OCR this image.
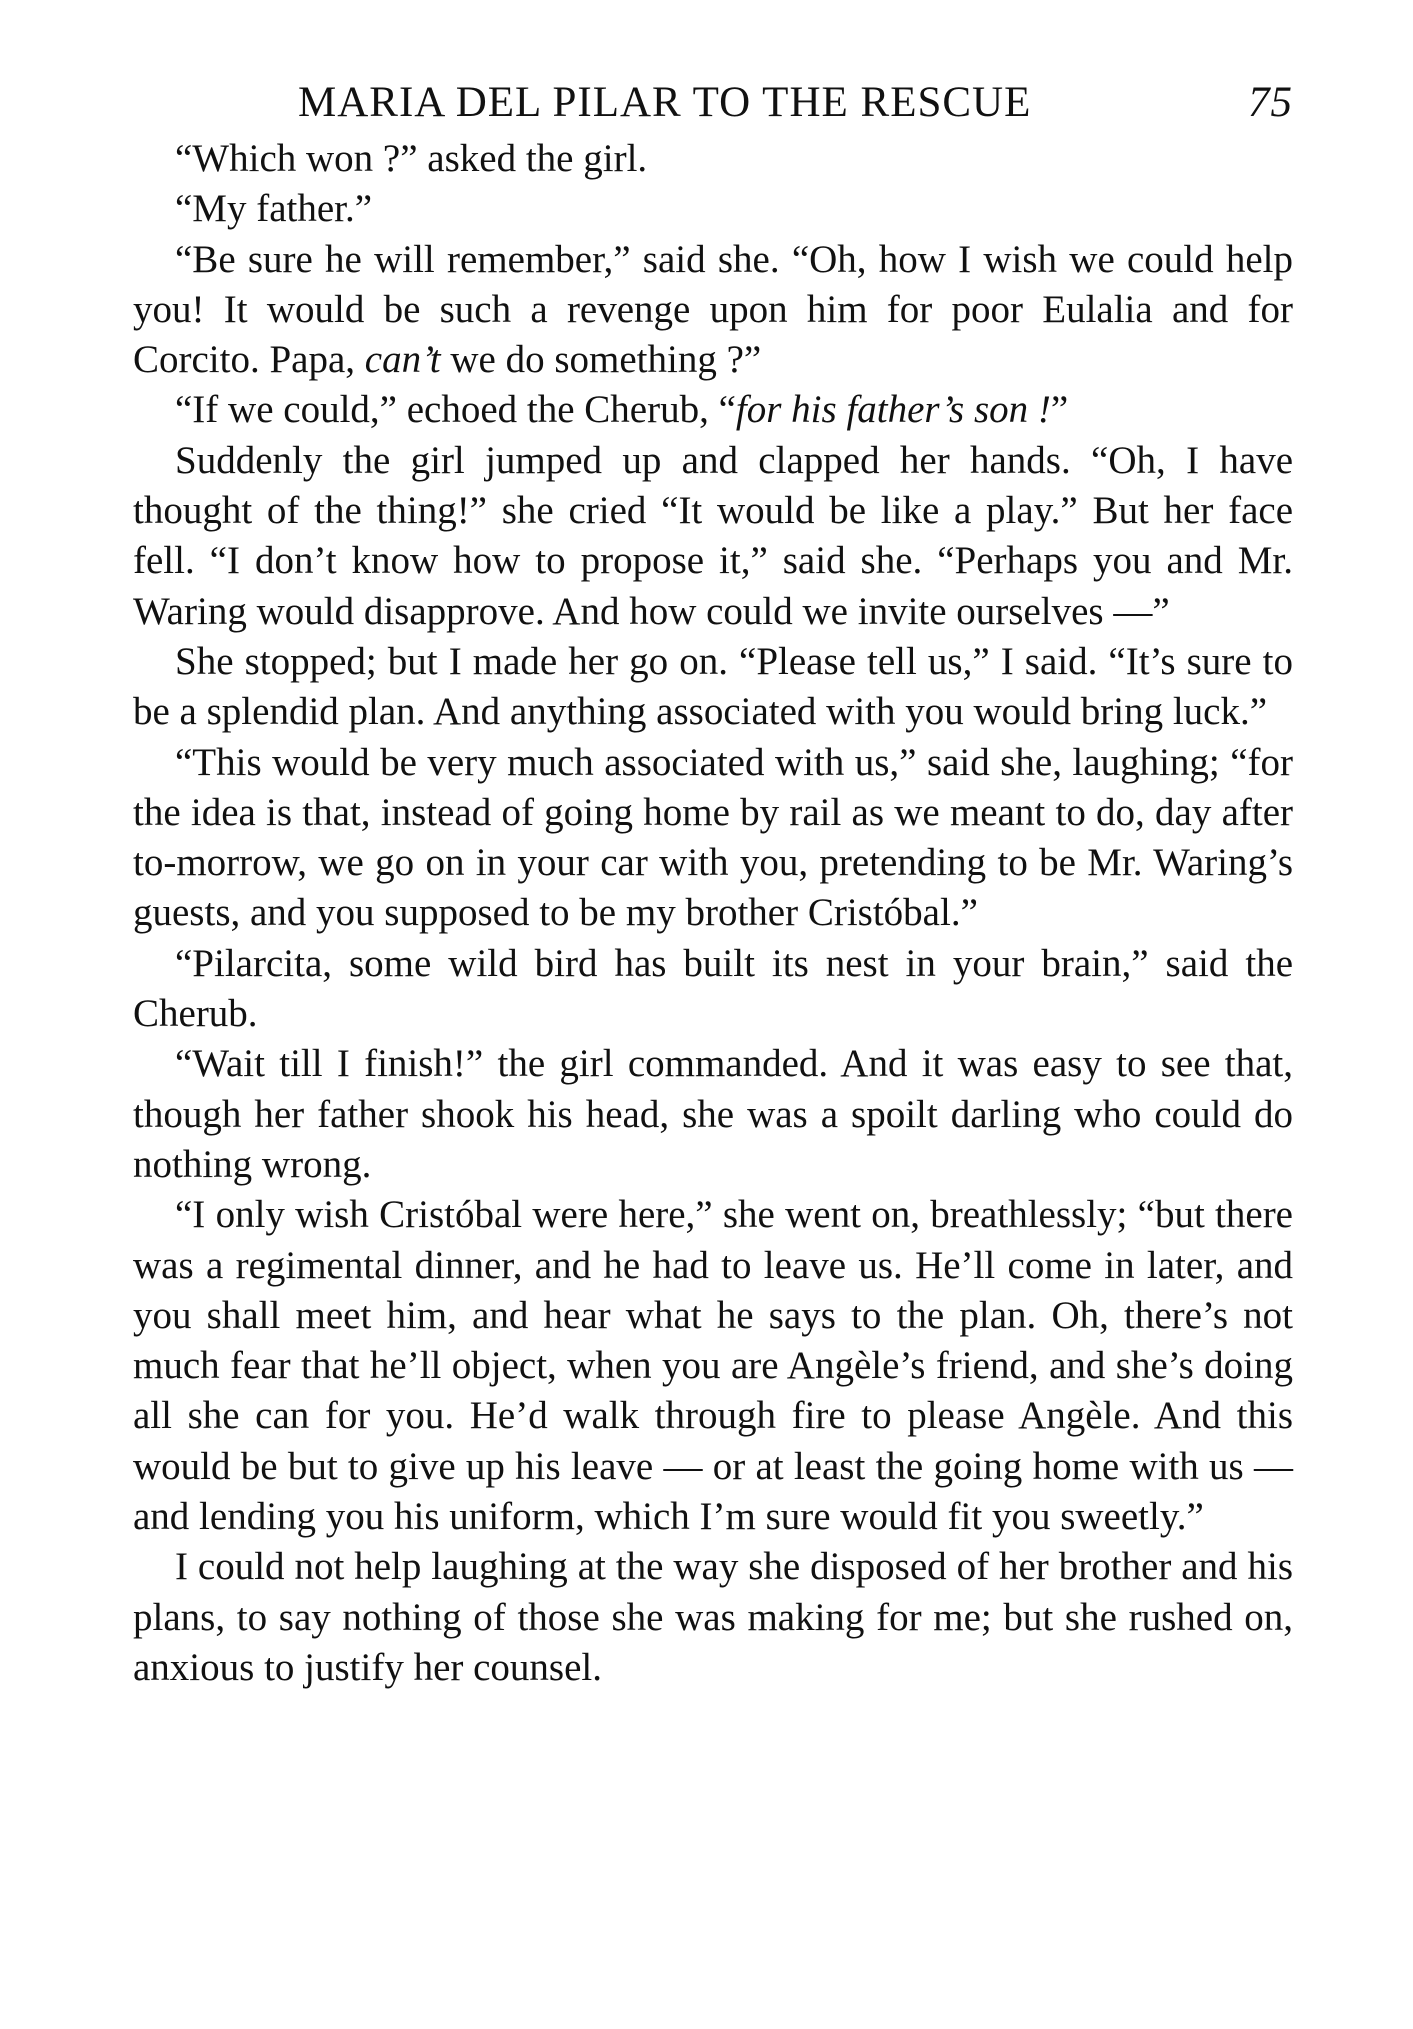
MARIA DEL PILAR TO THE RESCUE	75

“Which won ?” asked the girl.

“My father.”

“Be sure he will remember,” said she. “Oh, how I wish we could help you! It would be such a revenge upon him for poor Eulalia and for Corcito. Papa, can’t we do something ?”

“If we could,” echoed the Cherub, “for his father’s son !”

Suddenly the girl jumped up and clapped her hands. “Oh, I have thought of the thing!” she cried “It would be like a play.” But her face fell. “I don’t know how to propose it,” said she. “Perhaps you and Mr. Waring would disapprove. And how could we invite ourselves —”

She stopped; but I made her go on. “Please tell us,” I said. “It’s sure to be a splendid plan. And anything associated with you would bring luck.”

“This would be very much associated with us,” said she, laughing; “for the idea is that, instead of going home by rail as we meant to do, day after to-morrow, we go on in your car with you, pretending to be Mr. Waring’s guests, and you supposed to be my brother Cristóbal.”

“Pilarcita, some wild bird has built its nest in your brain,” said the Cherub.

“Wait till I finish!” the girl commanded. And it was easy to see that, though her father shook his head, she was a spoilt darling who could do nothing wrong.

“I only wish Cristóbal were here,” she went on, breathlessly; “but there was a regimental dinner, and he had to leave us. He’ll come in later, and you shall meet him, and hear what he says to the plan. Oh, there’s not much fear that he’ll object, when you are Angèle’s friend, and she’s doing all she can for you. He’d walk through fire to please Angèle. And this would be but to give up his leave — or at least the going home with us — and lending you his uniform, which I’m sure would fit you sweetly.”

I could not help laughing at the way she disposed of her brother and his plans, to say nothing of those she was making for me; but she rushed on, anxious to justify her counsel.
